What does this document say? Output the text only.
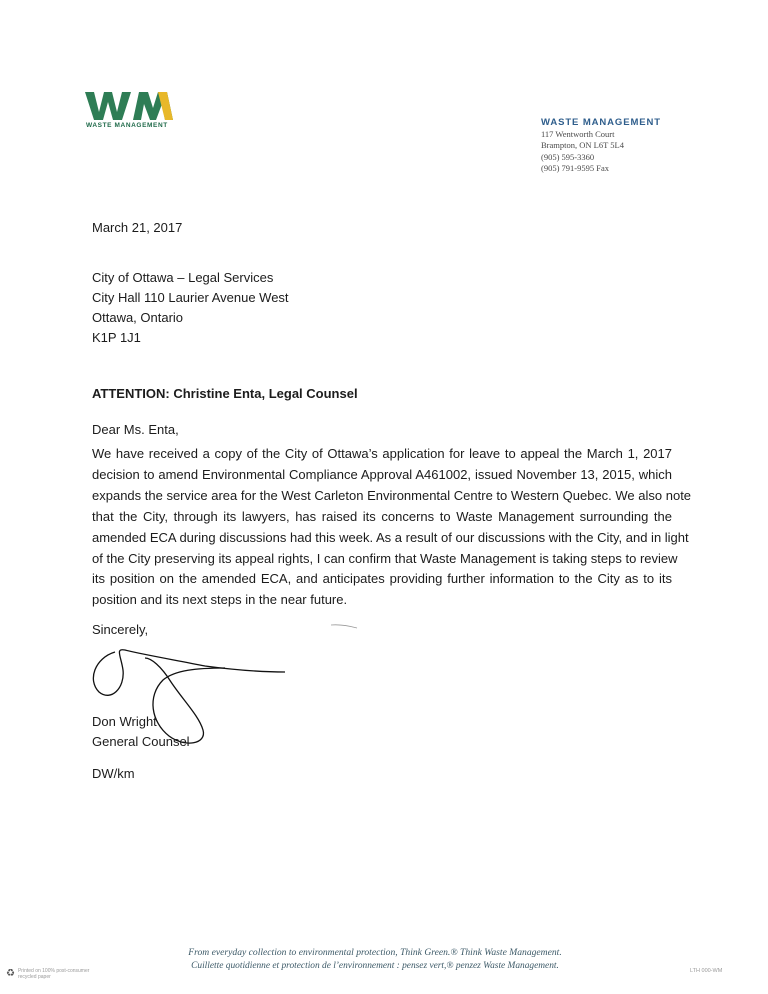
WASTE MANAGEMENT	WASTE MANAGEMENT
117 Wentworth Court
Brampton, ON L6T 5L4
(905) 595-3360
(905) 791-9595 Fax
March 21, 2017
City of Ottawa – Legal Services
City Hall 110 Laurier Avenue West
Ottawa, Ontario
K1P 1J1
ATTENTION: Christine Enta, Legal Counsel
Dear Ms. Enta,
We have received a copy of the City of Ottawa’s application for leave to appeal the March 1, 2017
decision to amend Environmental Compliance Approval A461002, issued November 13, 2015, which
expands the service area for the West Carleton Environmental Centre to Western Quebec. We also note
that the City, through its lawyers, has raised its concerns to Waste Management surrounding the
amended ECA during discussions had this week. As a result of our discussions with the City, and in light
of the City preserving its appeal rights, I can confirm that Waste Management is taking steps to review
its position on the amended ECA, and anticipates providing further information to the City as to its
position and its next steps in the near future.
Sincerely,
Don Wright
General Counsel
DW/km
From everyday collection to environmental protection, Think Green.® Think Waste Management.
Cuillette quotidienne et protection de l’environnement : pensez vert,® penzez Waste Management.
♻ Printed on 100% post-consumer
recycled paper
LTH 000-WM
